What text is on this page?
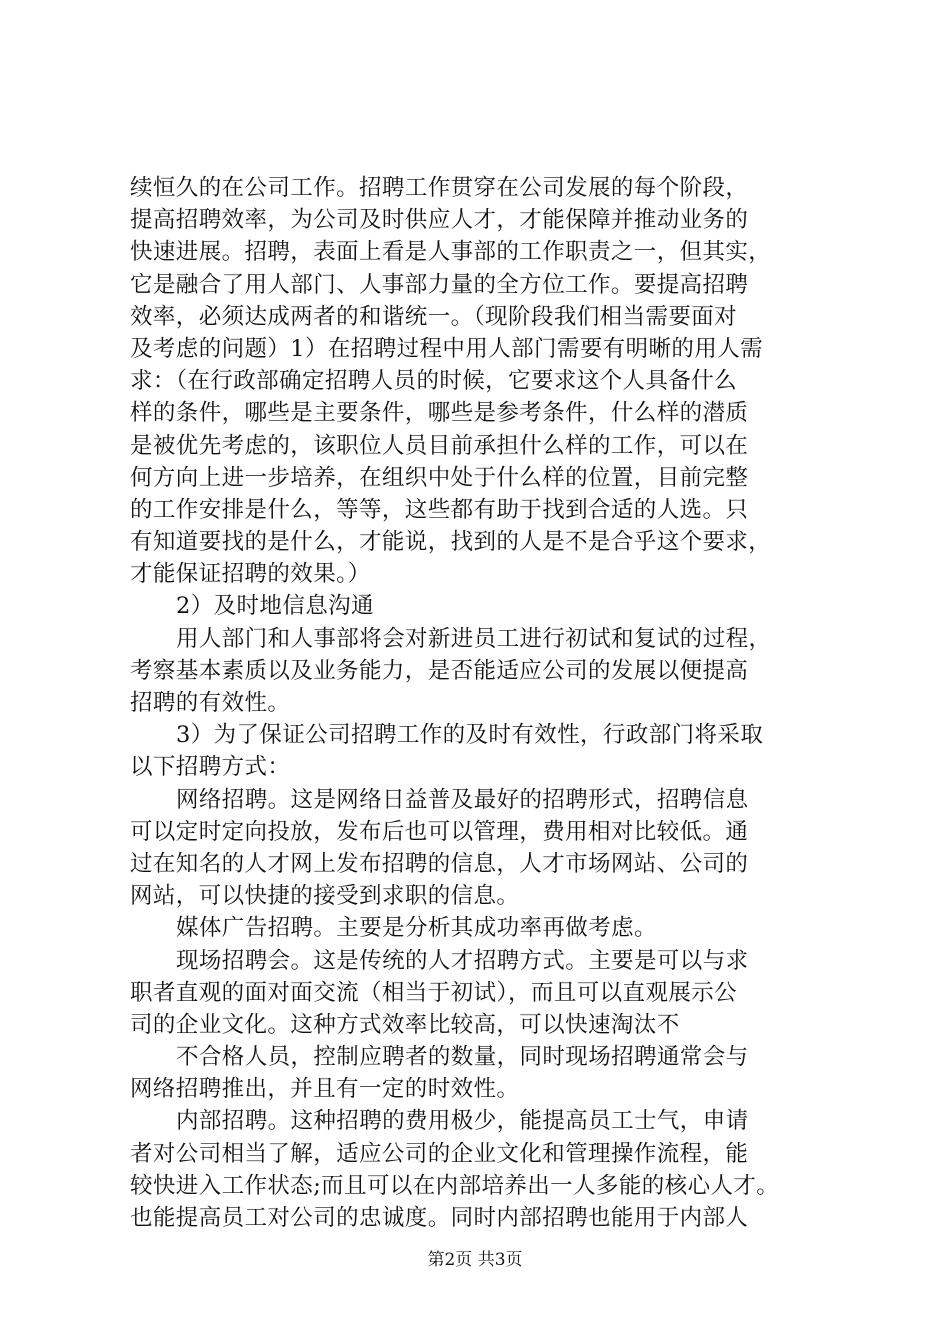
续恒久的在公司工作。招聘工作贯穿在公司发展的每个阶段，
提高招聘效率，为公司及时供应人才，才能保障并推动业务的
快速进展。招聘，表面上看是人事部的工作职责之一，但其实，
它是融合了用人部门、人事部力量的全方位工作。要提高招聘
效率，必须达成两者的和谐统一。（现阶段我们相当需要面对
及考虑的问题）1）在招聘过程中用人部门需要有明晰的用人需
求：（在行政部确定招聘人员的时候，它要求这个人具备什么
样的条件，哪些是主要条件，哪些是参考条件，什么样的潜质
是被优先考虑的，该职位人员目前承担什么样的工作，可以在
何方向上进一步培养，在组织中处于什么样的位置，目前完整
的工作安排是什么，等等，这些都有助于找到合适的人选。只
有知道要找的是什么，才能说，找到的人是不是合乎这个要求，
才能保证招聘的效果。）
2）及时地信息沟通
用人部门和人事部将会对新进员工进行初试和复试的过程，
考察基本素质以及业务能力，是否能适应公司的发展以便提高
招聘的有效性。
3）为了保证公司招聘工作的及时有效性，行政部门将采取
以下招聘方式：
网络招聘。这是网络日益普及最好的招聘形式，招聘信息
可以定时定向投放，发布后也可以管理，费用相对比较低。通
过在知名的人才网上发布招聘的信息，人才市场网站、公司的
网站，可以快捷的接受到求职的信息。
媒体广告招聘。主要是分析其成功率再做考虑。
现场招聘会。这是传统的人才招聘方式。主要是可以与求
职者直观的面对面交流（相当于初试），而且可以直观展示公
司的企业文化。这种方式效率比较高，可以快速淘汰不
不合格人员，控制应聘者的数量，同时现场招聘通常会与
网络招聘推出，并且有一定的时效性。
内部招聘。这种招聘的费用极少，能提高员工士气，申请
者对公司相当了解，适应公司的企业文化和管理操作流程，能
较快进入工作状态;而且可以在内部培养出一人多能的核心人才。
也能提高员工对公司的忠诚度。同时内部招聘也能用于内部人
第2页 共3页
